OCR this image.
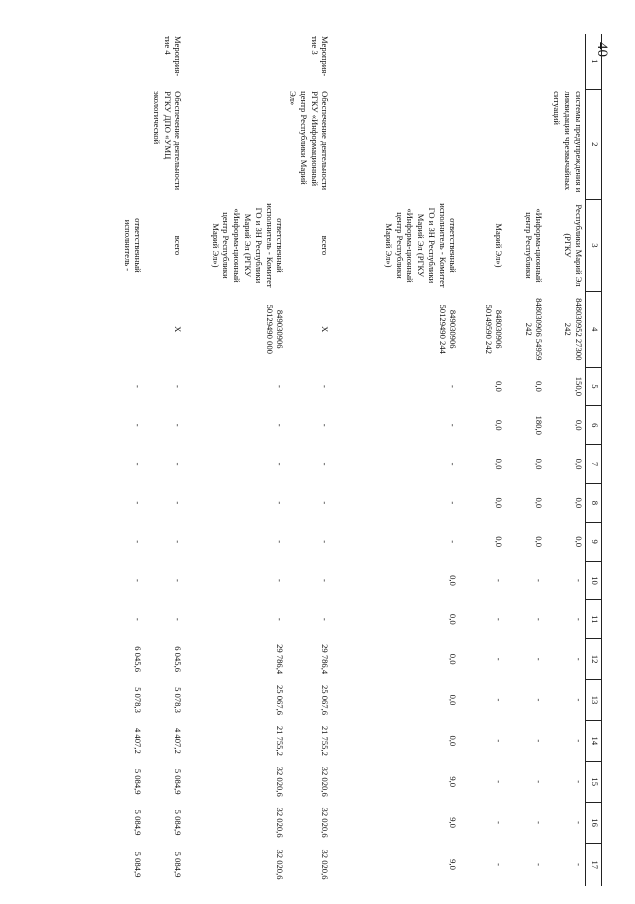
40
1	2	3	4	5	6	7	8	9	10	11	12	13	14	15	16	17
	системы предупреждения и ликвидации чрезвычайных ситуаций	Республики Марий Эл (РГКУ	848030952 27300 242	150,0	0,0	0,0	0,0	0,0	-	-	-	-	-	-	-	-
		«Информа-ционный центр Республики	848030906 54959 242	0,0	180,0	0,0	0,0	0,0	-	-	-	-	-	-	-	-
		Марий Эл»)	848030906 50149590 242	0,0	0,0	0,0	0,0	0,0	-	-	-	-	-	-	-	-
		ответственный исполнитель - Комитет ГО и ЗН Республики Марий Эл (РГКУ «Информа-ционный центр Республики Марий Эл»)	849030906 50129490 244	-	-	-	-	-	0,0	0,0	0,0	0,0	0,0	9,0	9,0	9,0
Мероприя-тие 3	Обеспечение деятельности РГКУ «Информационный центр Республики Марий Эл»	всего	Х	-	-	-	-	-	-	-	29 786,4	25 067,6	21 755,2	32 020,6	32 020,6	32 020,6
		ответственный исполнитель - Комитет ГО и ЗН Республики Марий Эл (РГКУ «Информа-ционный центр Республики Марий Эл»)	849030906 50129490 000	-	-	-	-	-	-	-	29 786,4	25 067,6	21 755,2	32 020,6	32 020,6	32 020,6
Мероприя-тие 4	Обеспечение деятельности РГКУ ДПО «УМЦ экологической	всего	Х	-	-	-	-	-	-	-	6 045,6	5 078,3	4 407,2	5 084,9	5 084,9	5 084,9
		ответственный исполнитель -		-	-	-	-	-	-	-	6 045,6	5 078,3	4 407,2	5 084,9	5 084,9	5 084,9
